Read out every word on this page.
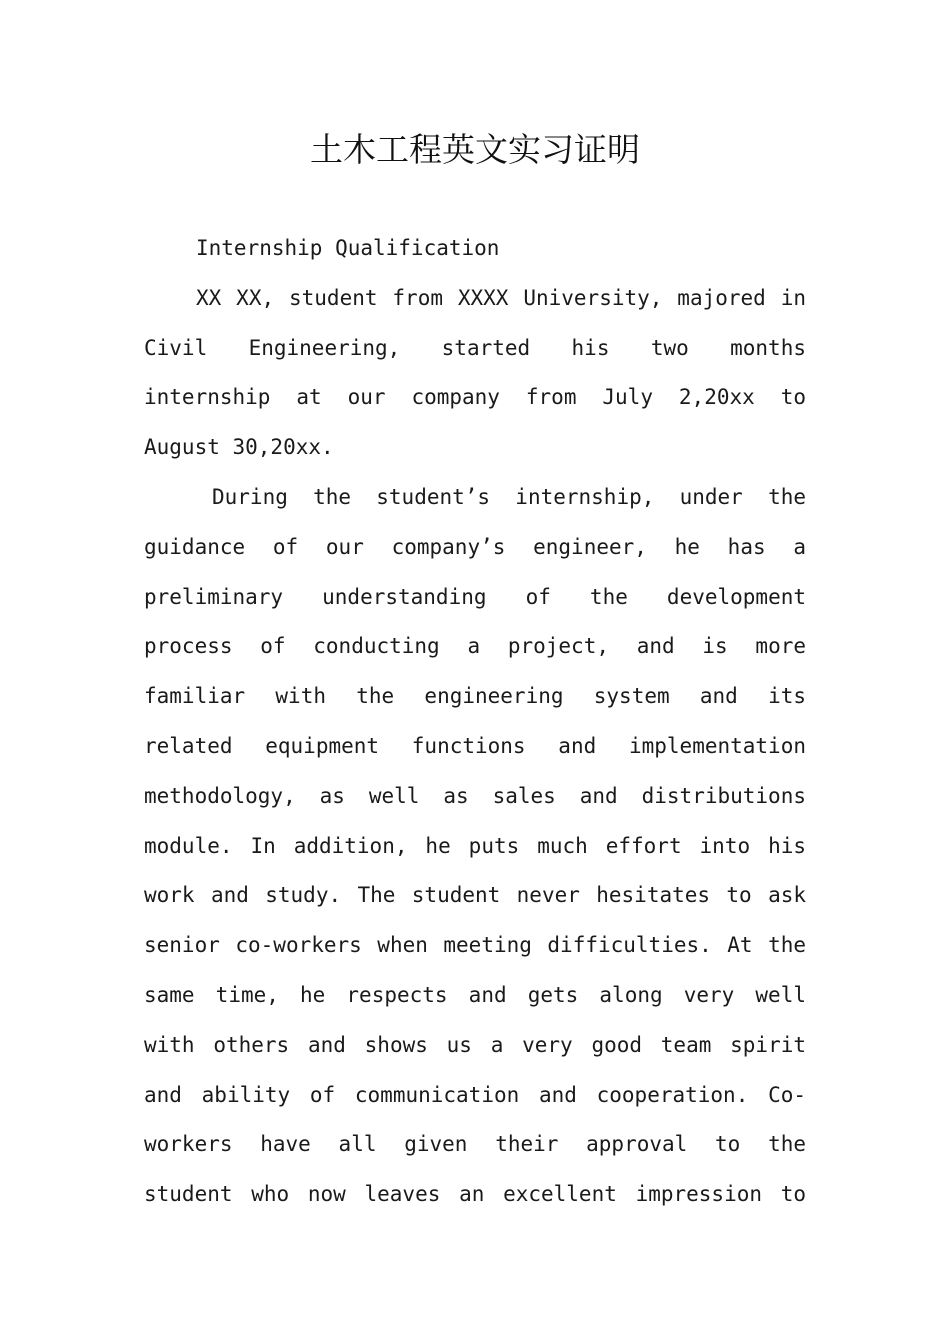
土木工程英文实习证明
Internship Qualification
XX XX, student from XXXX University, majored in
Civil Engineering, started his two months
internship at our company from July 2,20xx to
August 30,20xx.
During the student’s internship, under the
guidance of our company’s engineer, he has a
preliminary understanding of the development
process of conducting a project, and is more
familiar with the engineering system and its
related equipment functions and implementation
methodology, as well as sales and distributions
module. In addition, he puts much effort into his
work and study. The student never hesitates to ask
senior co-workers when meeting difficulties. At the
same time, he respects and gets along very well
with others and shows us a very good team spirit
and ability of communication and cooperation. Co-
workers have all given their approval to the
student who now leaves an excellent impression to
